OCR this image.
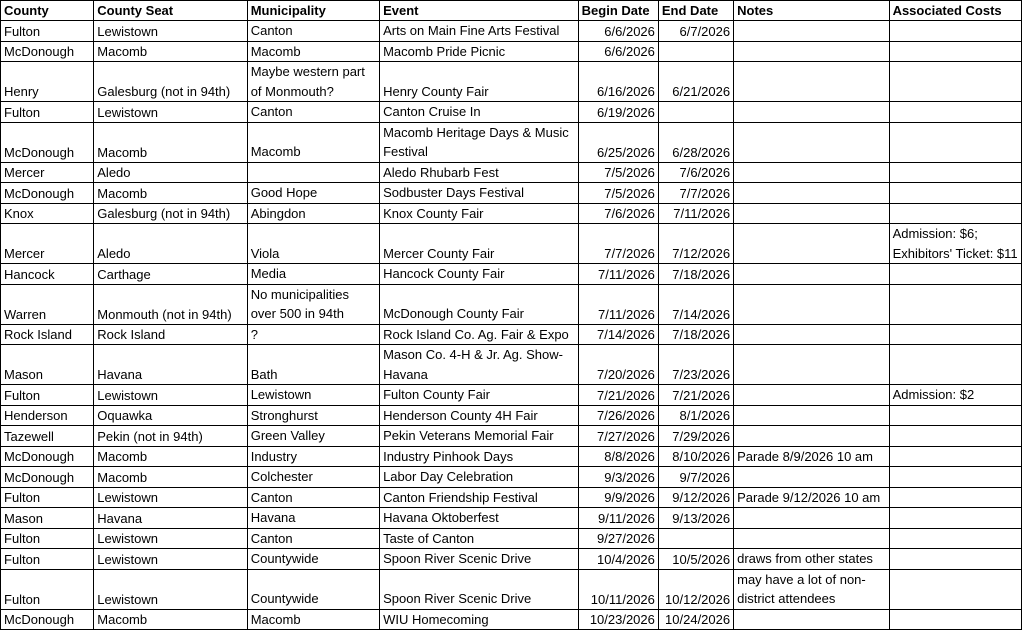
County	County Seat	Municipality	Event	Begin Date	End Date	Notes	Associated Costs
Fulton	Lewistown	Canton	Arts on Main Fine Arts Festival	6/6/2026	6/7/2026		
McDonough	Macomb	Macomb	Macomb Pride Picnic	6/6/2026			
Henry	Galesburg (not in 94th)	Maybe western part of Monmouth?	Henry County Fair	6/16/2026	6/21/2026		
Fulton	Lewistown	Canton	Canton Cruise In	6/19/2026			
McDonough	Macomb	Macomb	Macomb Heritage Days & Music Festival	6/25/2026	6/28/2026		
Mercer	Aledo		Aledo Rhubarb Fest	7/5/2026	7/6/2026		
McDonough	Macomb	Good Hope	Sodbuster Days Festival	7/5/2026	7/7/2026		
Knox	Galesburg (not in 94th)	Abingdon	Knox County Fair	7/6/2026	7/11/2026		
Mercer	Aledo	Viola	Mercer County Fair	7/7/2026	7/12/2026		Admission: $6; Exhibitors' Ticket: $11
Hancock	Carthage	Media	Hancock County Fair	7/11/2026	7/18/2026		
Warren	Monmouth (not in 94th)	No municipalities over 500 in 94th	McDonough County Fair	7/11/2026	7/14/2026		
Rock Island	Rock Island	?	Rock Island Co. Ag. Fair & Expo	7/14/2026	7/18/2026		
Mason	Havana	Bath	Mason Co. 4-H & Jr. Ag. Show- Havana	7/20/2026	7/23/2026		
Fulton	Lewistown	Lewistown	Fulton County Fair	7/21/2026	7/21/2026		Admission: $2
Henderson	Oquawka	Stronghurst	Henderson County 4H Fair	7/26/2026	8/1/2026		
Tazewell	Pekin (not in 94th)	Green Valley	Pekin Veterans Memorial Fair	7/27/2026	7/29/2026		
McDonough	Macomb	Industry	Industry Pinhook Days	8/8/2026	8/10/2026	Parade 8/9/2026 10 am	
McDonough	Macomb	Colchester	Labor Day Celebration	9/3/2026	9/7/2026		
Fulton	Lewistown	Canton	Canton Friendship Festival	9/9/2026	9/12/2026	Parade 9/12/2026 10 am	
Mason	Havana	Havana	Havana Oktoberfest	9/11/2026	9/13/2026		
Fulton	Lewistown	Canton	Taste of Canton	9/27/2026			
Fulton	Lewistown	Countywide	Spoon River Scenic Drive	10/4/2026	10/5/2026	draws from other states	
Fulton	Lewistown	Countywide	Spoon River Scenic Drive	10/11/2026	10/12/2026	may have a lot of non-district attendees	
McDonough	Macomb	Macomb	WIU Homecoming	10/23/2026	10/24/2026		
